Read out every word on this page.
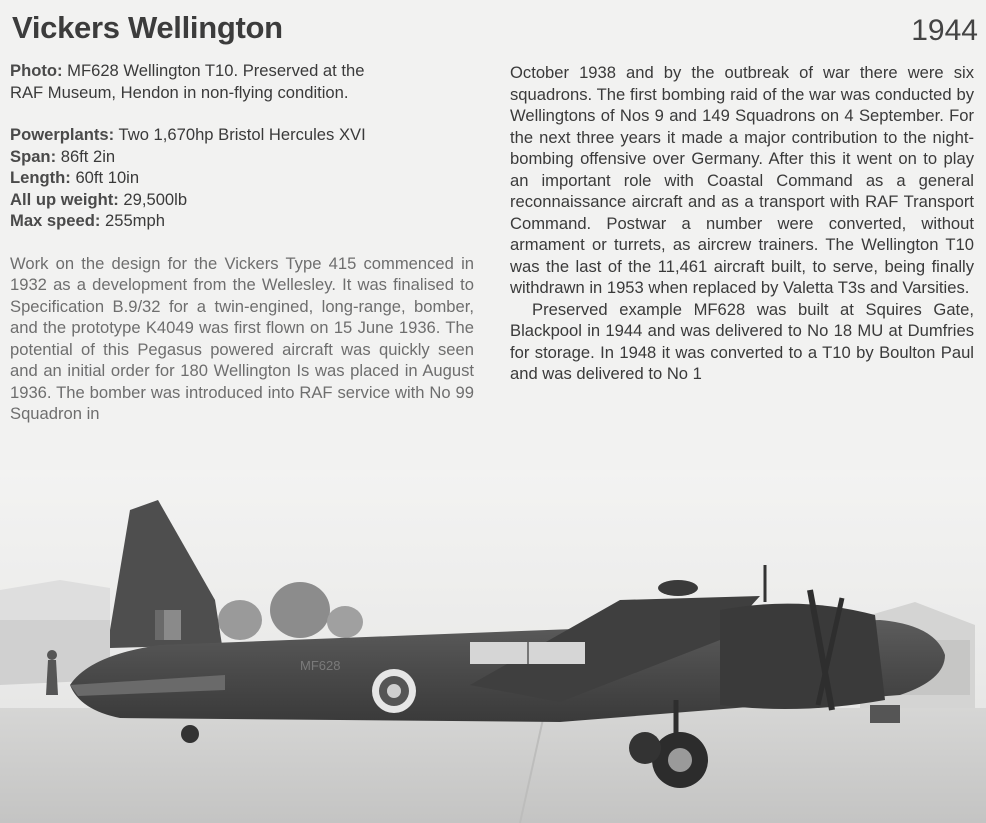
Vickers Wellington	1944
Photo: MF628 Wellington T10. Preserved at the
RAF Museum, Hendon in non-flying condition.
Powerplants: Two 1,670hp Bristol Hercules XVI
Span: 86ft 2in
Length: 60ft 10in
All up weight: 29,500lb
Max speed: 255mph

Work on the design for the Vickers Type 415 commenced in 1932 as a development from the Wellesley. It was finalised to Specification B.9/32 for a twin-engined, long-range, bomber, and the prototype K4049 was first flown on 15 June 1936. The potential of this Pegasus powered aircraft was quickly seen and an initial order for 180 Wellington Is was placed in August 1936. The bomber was introduced into RAF service with No 99 Squadron in

October 1938 and by the outbreak of war there were six squadrons. The first bombing raid of the war was conducted by Wellingtons of Nos 9 and 149 Squadrons on 4 September. For the next three years it made a major contribution to the night-bombing offensive over Germany. After this it went on to play an important role with Coastal Command as a general reconnaissance aircraft and as a transport with RAF Transport Command. Postwar a number were converted, without armament or turrets, as aircrew trainers. The Wellington T10 was the last of the 11,461 aircraft built, to serve, being finally withdrawn in 1953 when replaced by Valetta T3s and Varsities.

Preserved example MF628 was built at Squires Gate, Blackpool in 1944 and was delivered to No 18 MU at Dumfries for storage. In 1948 it was converted to a T10 by Boulton Paul and was delivered to No 1

MF628
